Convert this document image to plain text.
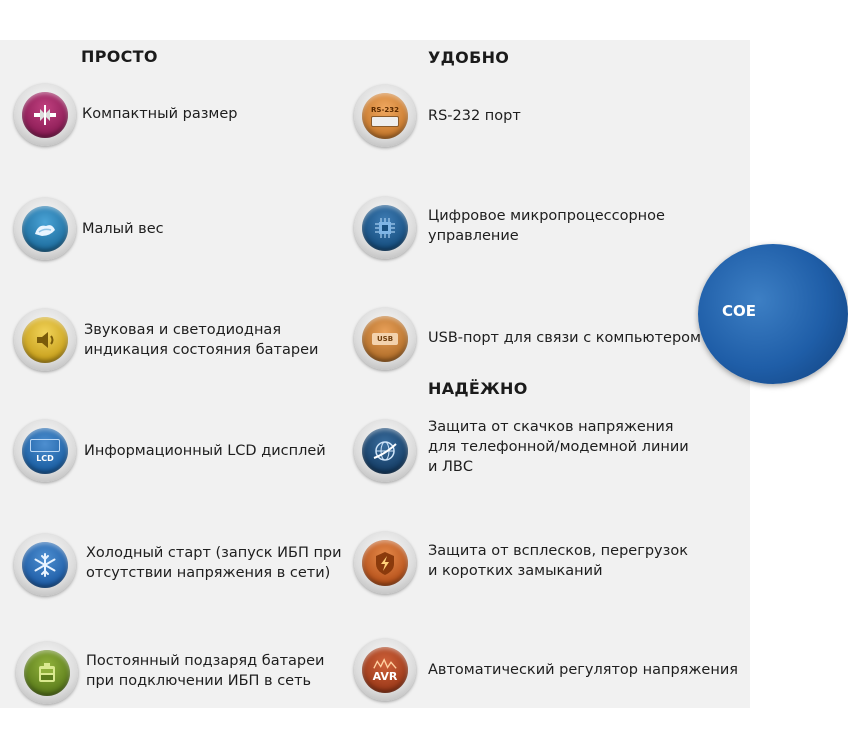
ПРОСТО	УДОБНО
НАДЁЖНО
Компактный размер
Малый вес
Звуковая и светодиодная
индикация состояния батареи
LCD Информационный LCD дисплей
Холодный старт (запуск ИБП при
отсутствии напряжения в сети)
Постоянный подзаряд батареи
при подключении ИБП в сеть
RS-232 RS-232 порт
Цифровое микропроцессорное управление
USB USB-порт для связи с компьютером
Защита от скачков напряжения
для телефонной/модемной линии
и ЛВС
Защита от всплесков, перегрузок
и коротких замыканий
AVR Автоматический регулятор напряжения
СОЕ
